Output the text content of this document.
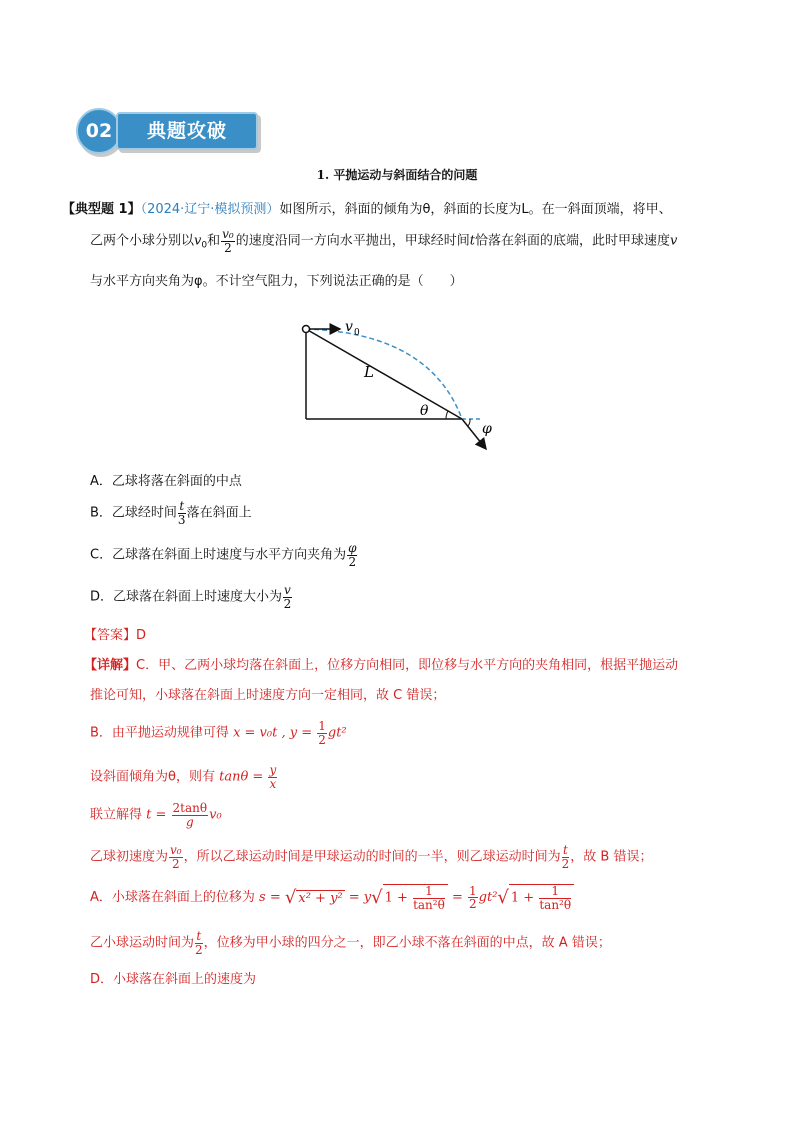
02	典题攻破
1. 平抛运动与斜面结合的问题
【典型题 1】（2024·辽宁·模拟预测）如图所示，斜面的倾角为θ，斜面的长度为L。在一斜面顶端，将甲、
乙两个小球分别以$v_0$和 $\frac{\text{v₀}}{2}$ 的速度沿同一方向水平抛出，甲球经时间t恰落在斜面的底端，此时甲球速度v
与水平方向夹角为φ。不计空气阻力，下列说法正确的是（　　）
v 0
L
θ
φ
A．乙球将落在斜面的中点
B．乙球经时间 $\frac{t}{3}$ 落在斜面上
C．乙球落在斜面上时速度与水平方向夹角为 $\frac{\varphi}{2}$
D．乙球落在斜面上时速度大小为 $\frac{v}{2}$
【答案】D
【详解】C．甲、乙两小球均落在斜面上，位移方向相同，即位移与水平方向的夹角相同，根据平抛运动
推论可知，小球落在斜面上时速度方向一定相同，故 C 错误；
B．由平抛运动规律可得 x = v₀t , $y = \frac{1}{2} gt^2$
设斜面倾角为θ，则有 $\tan\theta = \frac{y}{x}$
联立解得 $t = \frac{2\tan\theta}{g} v_0$
乙球初速度为 $\frac{\text{v₀}}{2}$ ，所以乙球运动时间是甲球运动的时间的一半，则乙球运动时间为 $\frac{t}{2}$ ，故 B 错误；
A．小球落在斜面上的位移为 s = √ x² + y² = y√ $1 + \frac{1}{\text{tan²θ}} = \frac{1}{2} gt^2√$ $1 + \frac{1}{\text{tan²θ}}$
乙小球运动时间为 $\frac{t}{2}$ ，位移为甲小球的四分之一，即乙小球不落在斜面的中点，故 A 错误；
D．小球落在斜面上的速度为
